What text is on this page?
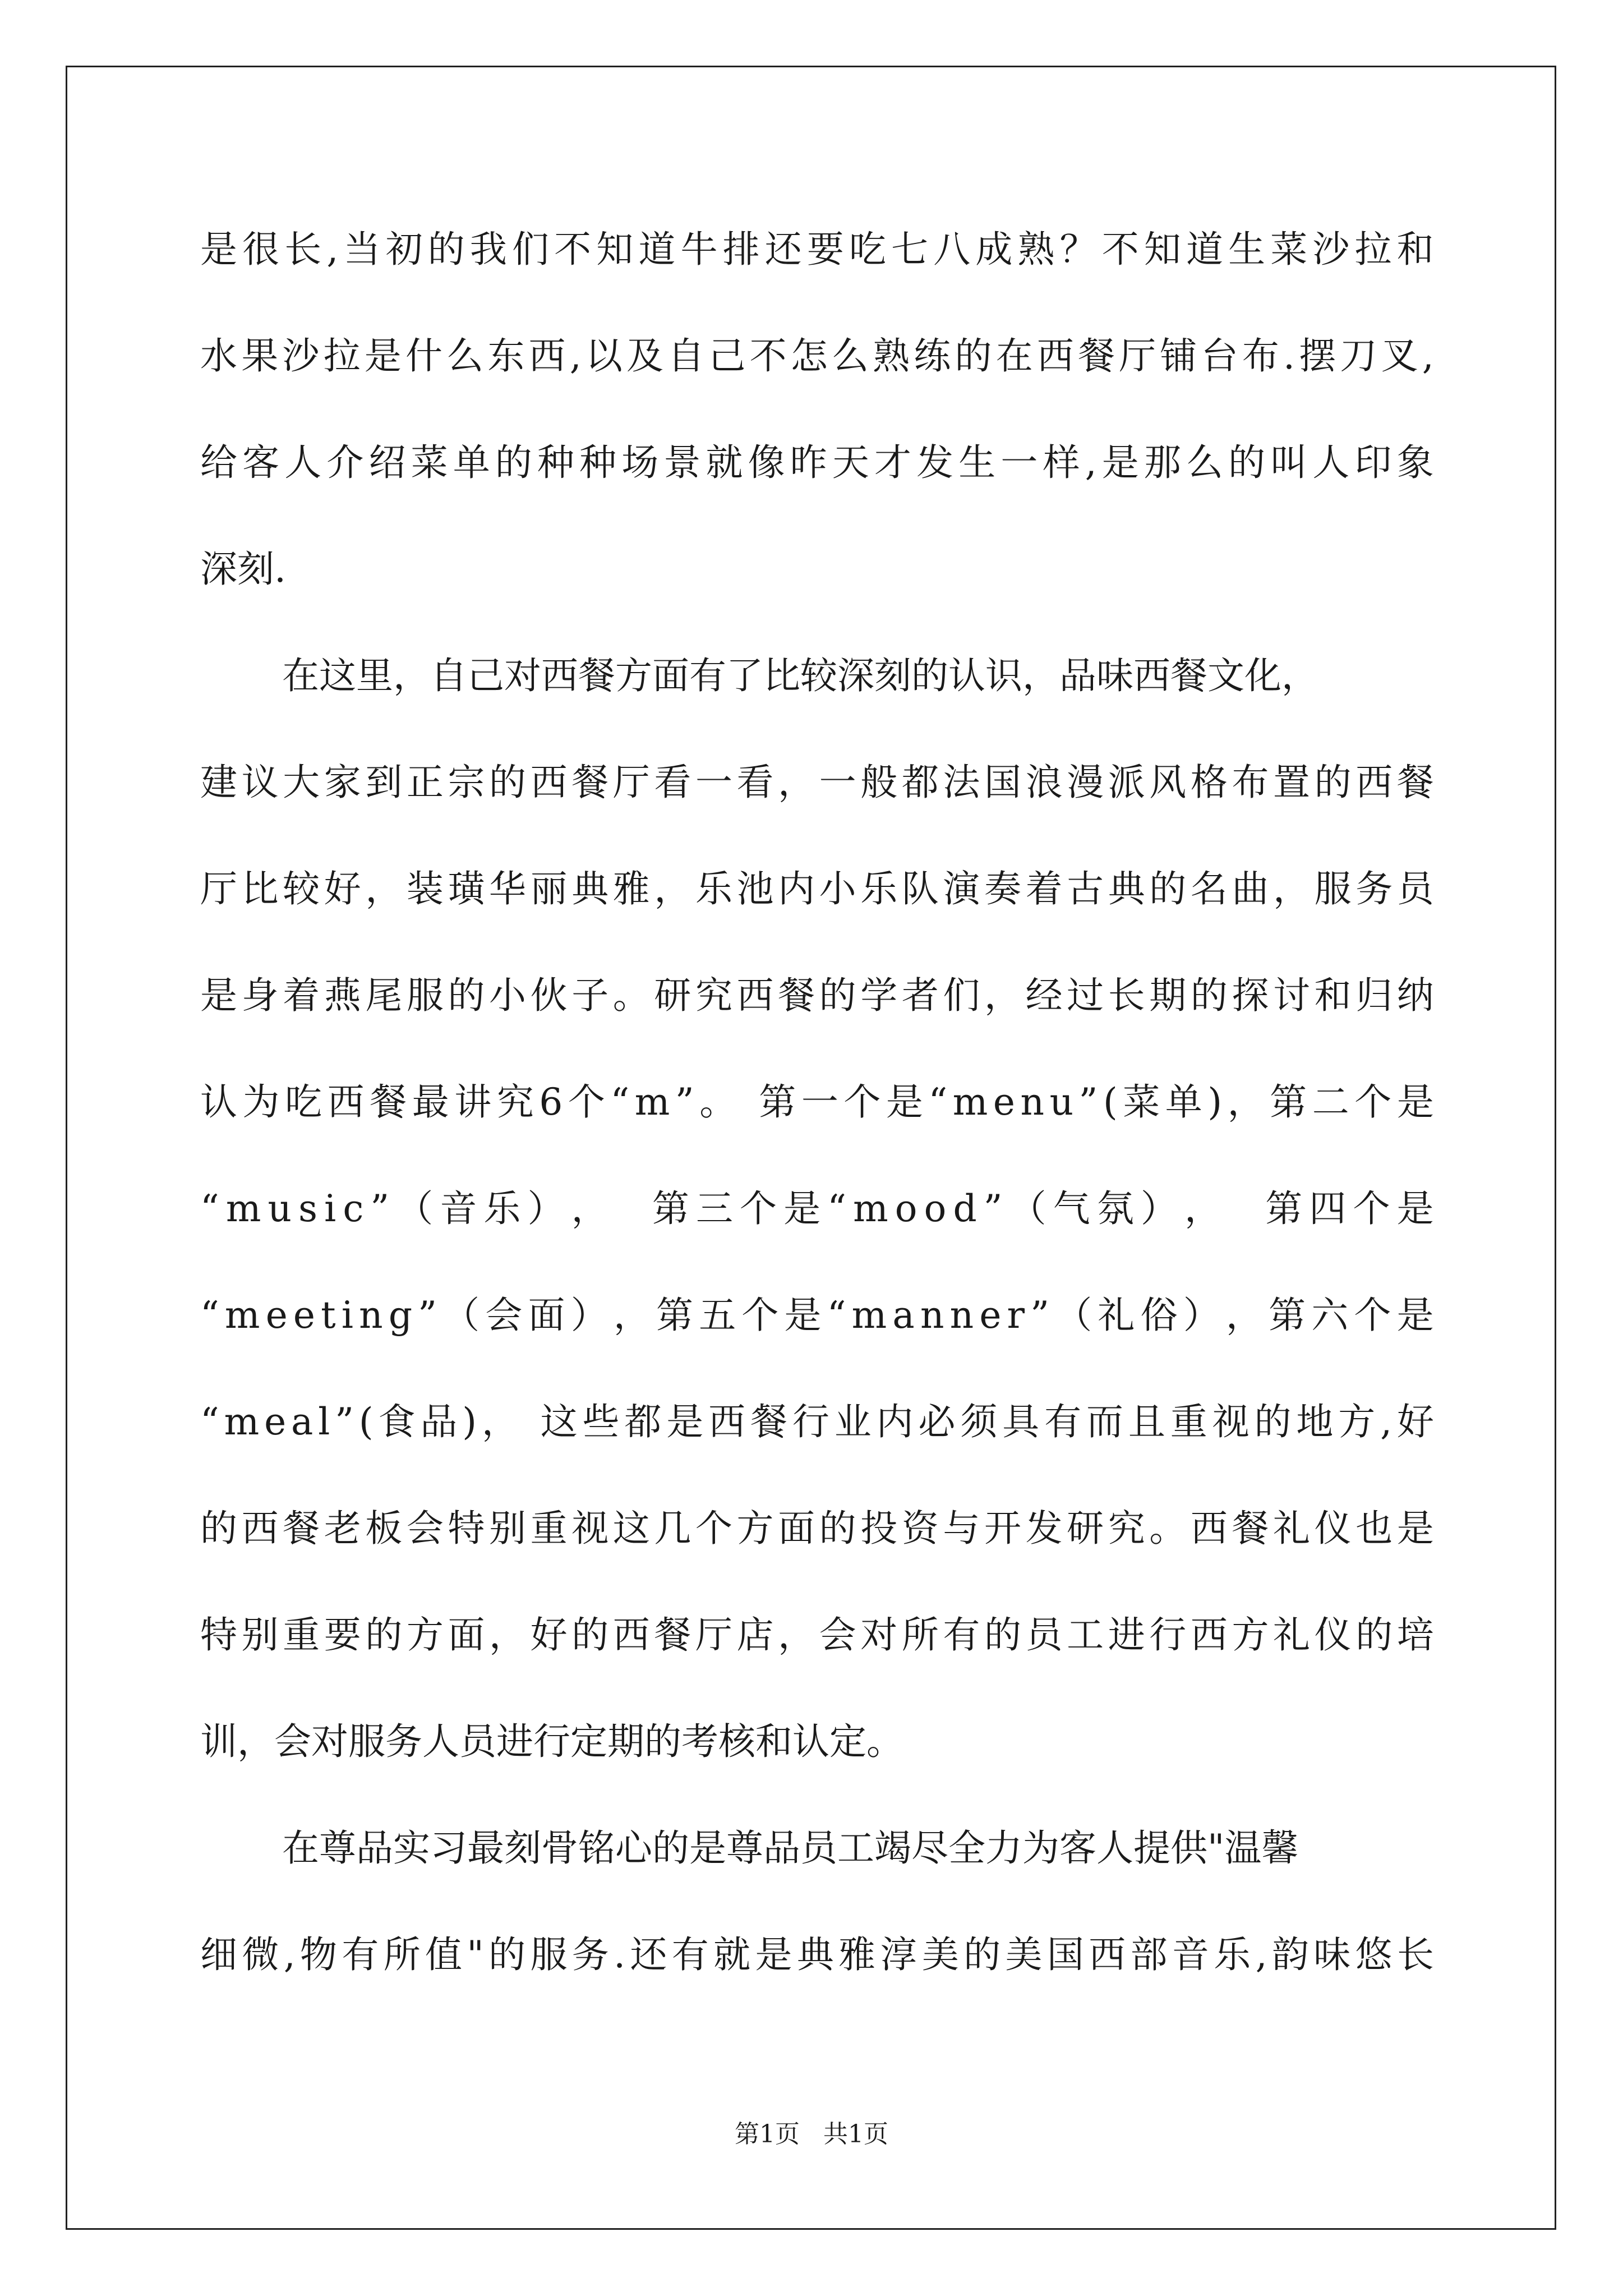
是 很 长 , 当 初 的 我 们 不 知 道 牛 排 还 要 吃 七 八 成 熟 ？ 不 知 道 生 菜 沙 拉 和
水 果 沙 拉 是 什 么 东 西 , 以 及 自 己 不 怎 么 熟 练 的 在 西 餐 厅 铺 台 布 . 摆 刀 叉 ,
给 客 人 介 绍 菜 单 的 种 种 场 景 就 像 昨 天 才 发 生 一 样 , 是 那 么 的 叫 人 印 象
深刻.
在这里，自己对西餐方面有了比较深刻的认识，品味西餐文化，
建 议 大 家 到 正 宗 的 西 餐 厅 看 一 看 ， 一 般 都 法 国 浪 漫 派 风 格 布 置 的 西 餐
厅 比 较 好 ， 装 璜 华 丽 典 雅 ， 乐 池 内 小 乐 队 演 奏 着 古 典 的 名 曲 ， 服 务 员
是 身 着 燕 尾 服 的 小 伙 子 。 研 究 西 餐 的 学 者 们 ， 经 过 长 期 的 探 讨 和 归 纳
认 为 吃 西 餐 最 讲 究 6 个 “ m ” 。
第 一 个 是 “ m e n u ” ( 菜 单 ) ， 第 二 个 是
“ m u s i c ” （ 音 乐 ） ，

第 三 个 是 “ m o o d ” （ 气 氛 ） ，

第 四 个 是
“ m e e t i n g ” （ 会 面 ） ， 第 五 个 是 “ m a n n e r ” （ 礼 俗 ） ， 第 六 个 是
“ m e a l ” ( 食 品 ) ，
这 些 都 是 西 餐 行 业 内 必 须 具 有 而 且 重 视 的 地 方 , 好
的 西 餐 老 板 会 特 别 重 视 这 几 个 方 面 的 投 资 与 开 发 研 究 。 西 餐 礼 仪 也 是
特 别 重 要 的 方 面 ， 好 的 西 餐 厅 店 ， 会 对 所 有 的 员 工 进 行 西 方 礼 仪 的 培
训，会对服务人员进行定期的考核和认定。
在尊品实习最刻骨铭心的是尊品员工竭尽全力为客人提供"温馨
细 微 , 物 有 所 值 " 的 服 务 . 还 有 就 是 典 雅 淳 美 的 美 国 西 部 音 乐 , 韵 味 悠 长
第1页   共1页
